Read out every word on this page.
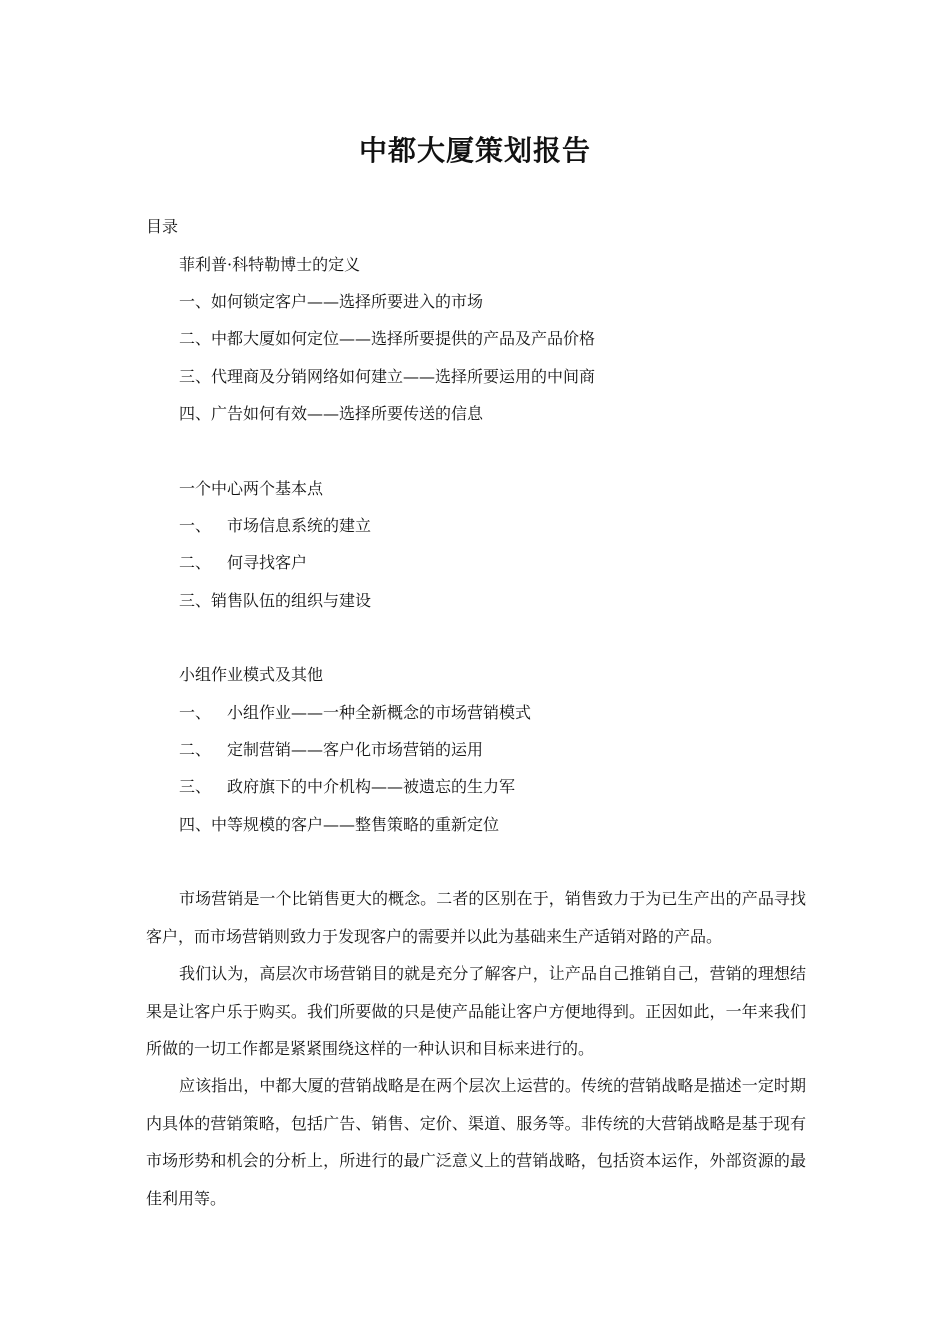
中都大厦策划报告

目录

菲利普·科特勒博士的定义

一、如何锁定客户——选择所要进入的市场

二、中都大厦如何定位——选择所要提供的产品及产品价格

三、代理商及分销网络如何建立——选择所要运用的中间商

四、广告如何有效——选择所要传送的信息

一个中心两个基本点

一、 市场信息系统的建立

二、 何寻找客户

三、销售队伍的组织与建设

小组作业模式及其他

一、 小组作业——一种全新概念的市场营销模式

二、 定制营销——客户化市场营销的运用

三、 政府旗下的中介机构——被遗忘的生力军

四、中等规模的客户——整售策略的重新定位

市场营销是一个比销售更大的概念。二者的区别在于，销售致力于为已生产出的产品寻找客户，而市场营销则致力于发现客户的需要并以此为基础来生产适销对路的产品。

我们认为，高层次市场营销目的就是充分了解客户，让产品自己推销自己，营销的理想结果是让客户乐于购买。我们所要做的只是使产品能让客户方便地得到。正因如此，一年来我们所做的一切工作都是紧紧围绕这样的一种认识和目标来进行的。

应该指出，中都大厦的营销战略是在两个层次上运营的。传统的营销战略是描述一定时期内具体的营销策略，包括广告、销售、定价、渠道、服务等。非传统的大营销战略是基于现有市场形势和机会的分析上，所进行的最广泛意义上的营销战略，包括资本运作，外部资源的最佳利用等。
